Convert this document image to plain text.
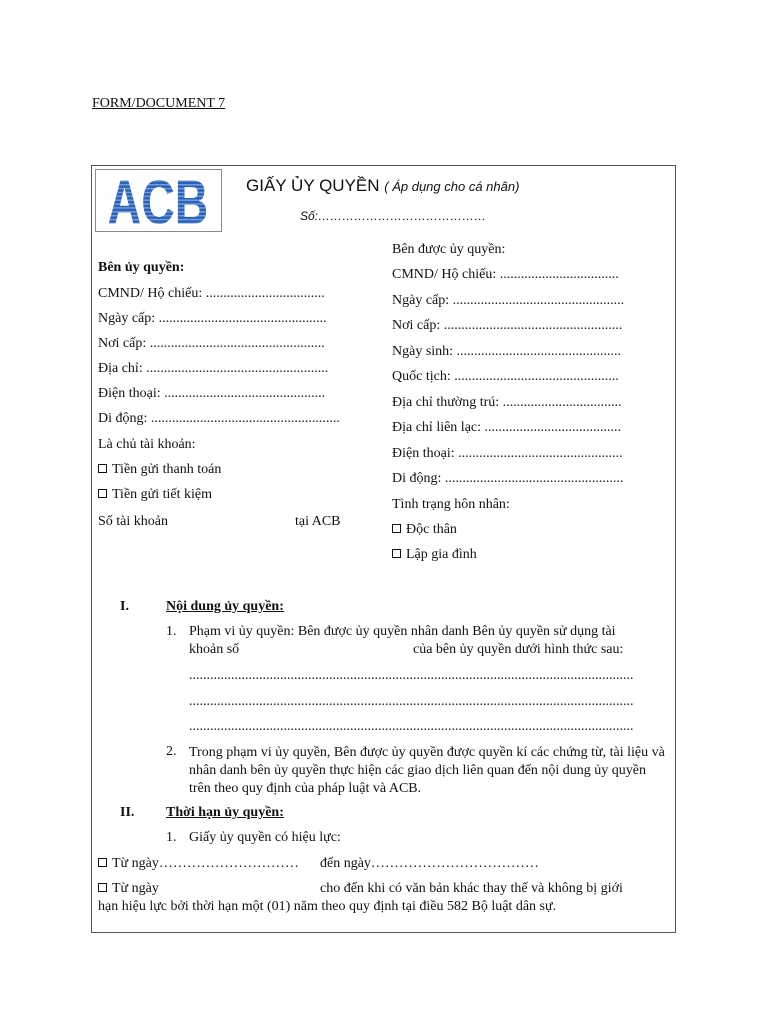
FORM/DOCUMENT 7
ACB GIẤY ỦY QUYỀN ( Áp dụng cho cá nhân)
Số:……………………………………
Bên ủy quyền:
CMND/ Hộ chiếu: ..................................
Ngày cấp: ................................................
Nơi cấp: ..................................................
Địa chỉ: ....................................................
Điện thoại: ..............................................
Di động: ......................................................
Là chủ tài khoản:
Tiền gửi thanh toán
Tiền gửi tiết kiệm
Số tài khoản	tại ACB
Bên được ủy quyền:
CMND/ Hộ chiếu: ..................................
Ngày cấp: .................................................
Nơi cấp: ...................................................
Ngày sinh: ...............................................
Quốc tịch: ...............................................
Địa chỉ thường trú: ..................................
Địa chỉ liên lạc: .......................................
Điện thoại: ...............................................
Di động: ...................................................
Tình trạng hôn nhân:
Độc thân
Lập gia đình
I.	Nội dung ủy quyền:
1. Phạm vi ủy quyền: Bên được ủy quyền nhân danh Bên ủy quyền sử dụng tài
khoản số	của bên ủy quyền dưới hình thức sau:
...............................................................................................................................
...............................................................................................................................
...............................................................................................................................
2. Trong phạm vi ủy quyền, Bên được ủy quyền được quyền kí các chứng từ, tài liệu và nhân danh bên ủy quyền thực hiện các giao dịch liên quan đến nội dung ủy quyền trên theo quy định của pháp luật và ACB.
II. Thời hạn ủy quyền:
1. Giấy ủy quyền có hiệu lực:
Từ ngày………………………… đến ngày………………………………
Từ ngày	cho đến khi có văn bản khác thay thế và không bị giới
hạn hiệu lực bởi thời hạn một (01) năm theo quy định tại điều 582 Bộ luật dân sự.
